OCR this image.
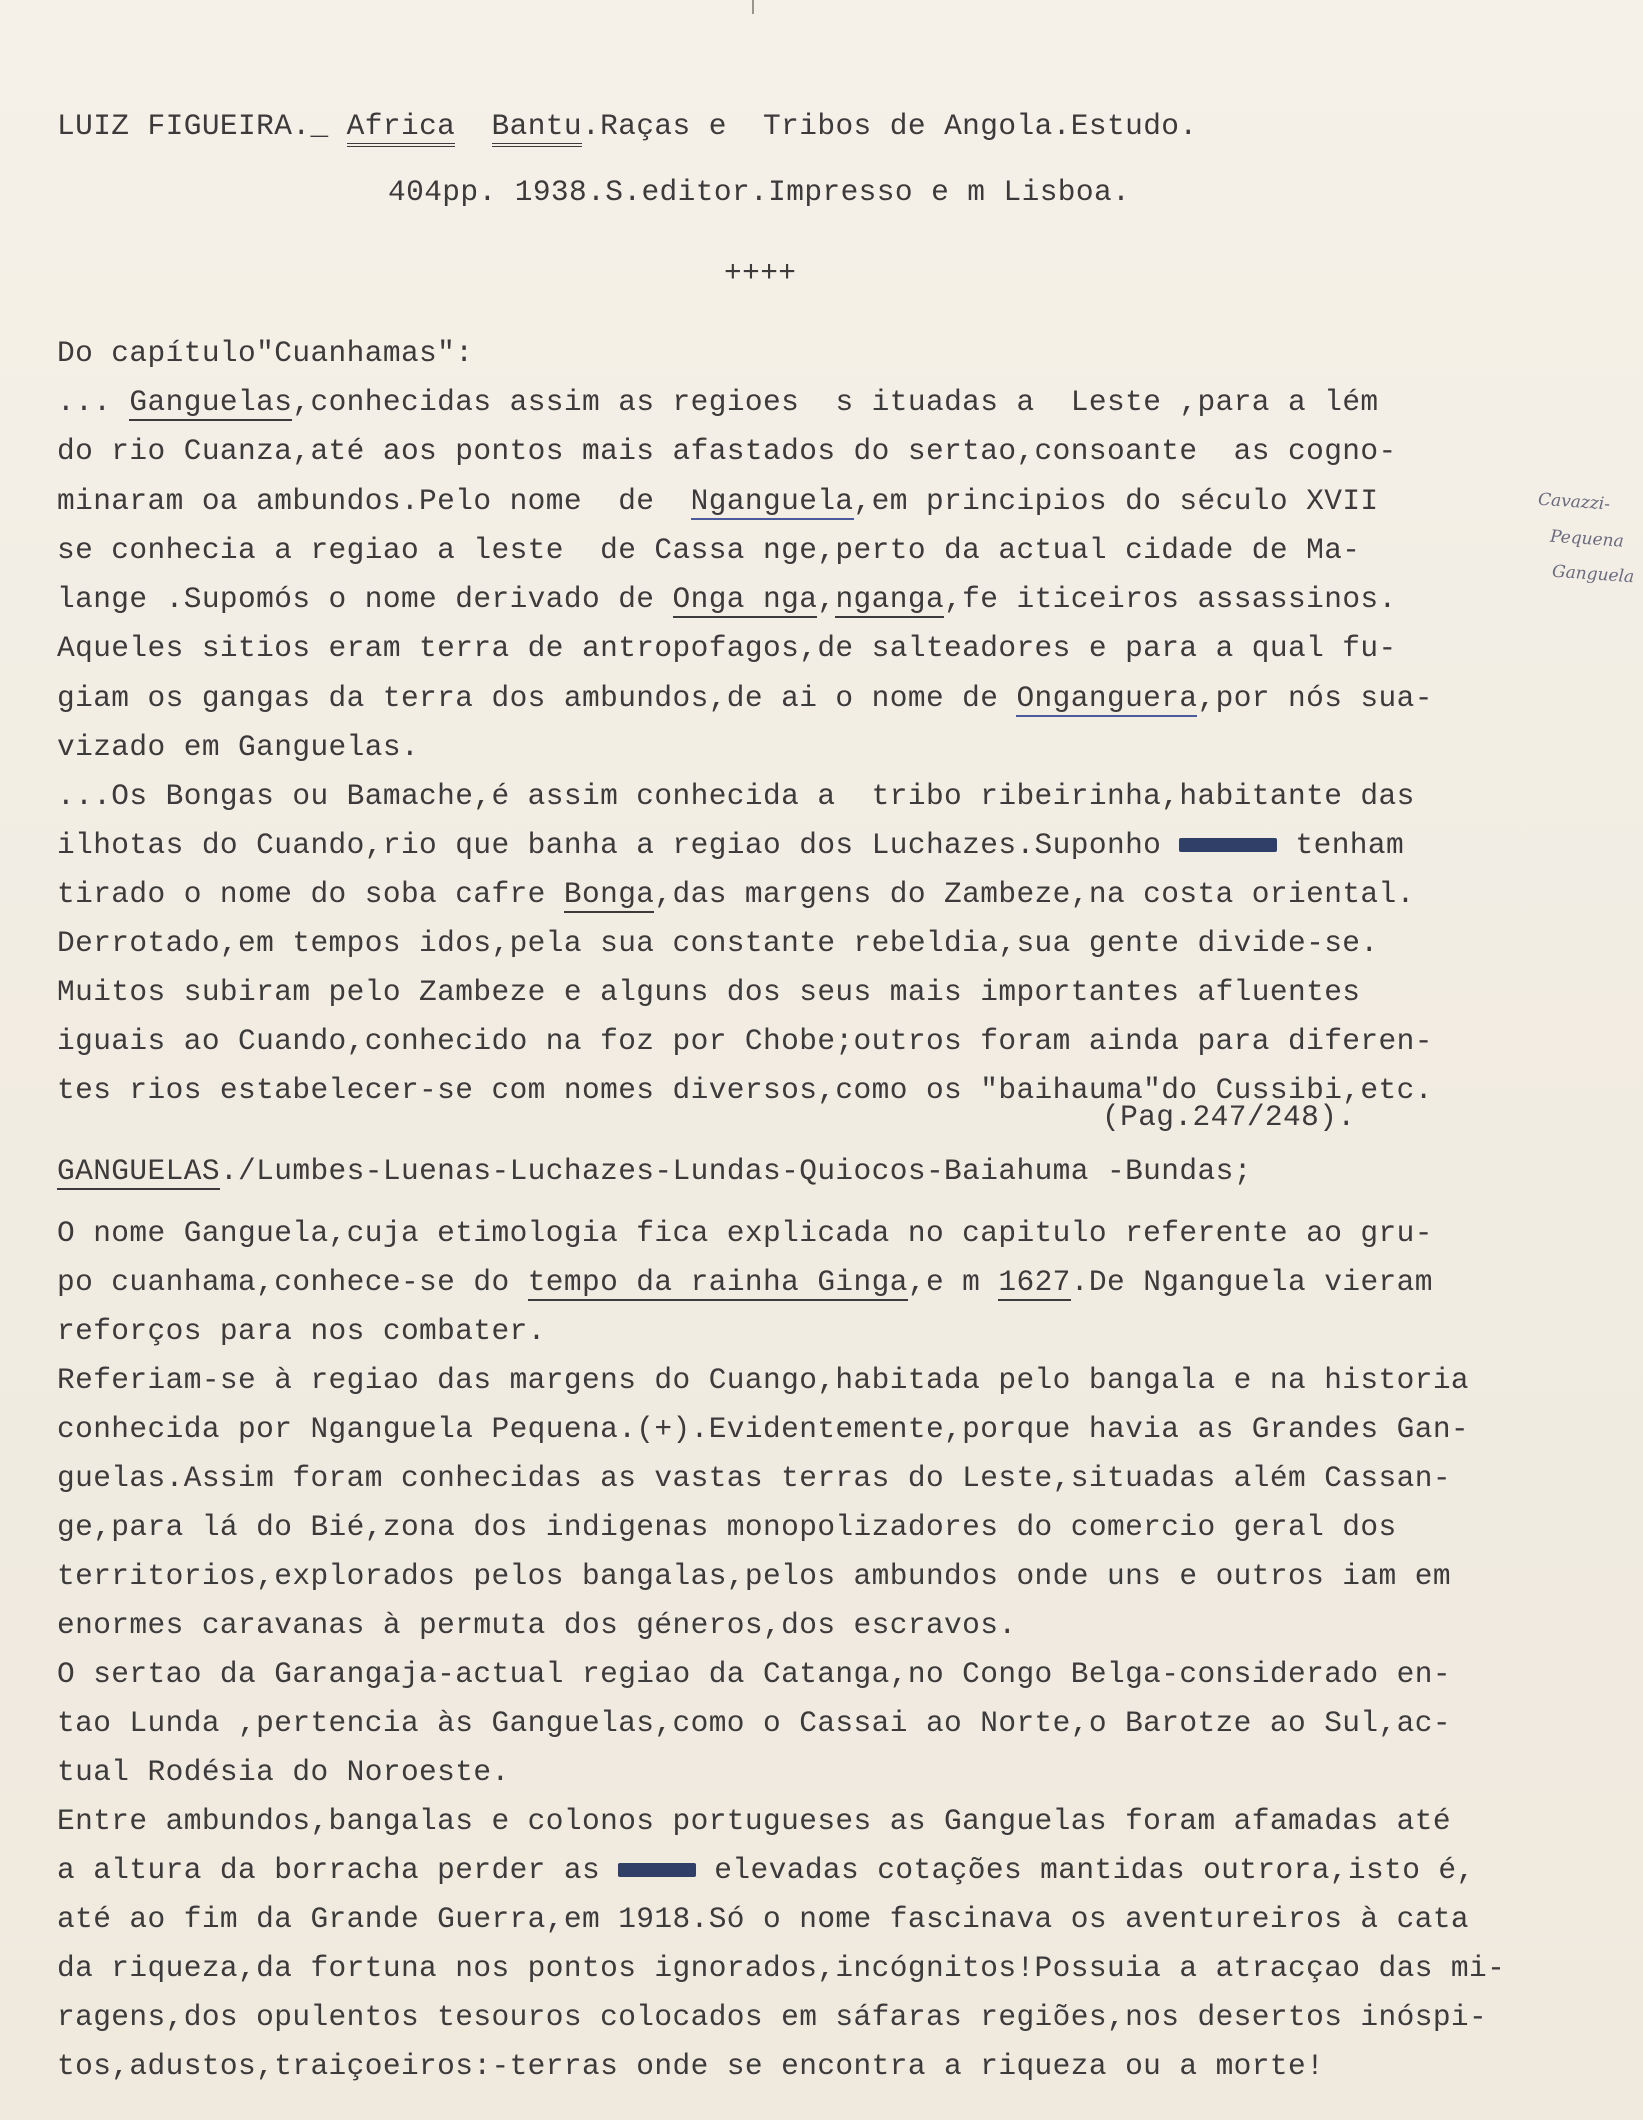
LUIZ FIGUEIRA._ Africa Bantu.Raças e  Tribos de Angola.Estudo.
404pp. 1938.S.editor.Impresso e m Lisboa.
++++
Cavazzi-
Pequena
Ganguela
Do capítulo"Cuanhamas":
... Ganguelas,conhecidas assim as regioes  s ituadas a  Leste ,para a lém
do rio Cuanza,até aos pontos mais afastados do sertao,consoante  as cogno-
minaram oa ambundos.Pelo nome  de  Nganguela,em principios do século XVII
se conhecia a regiao a leste  de Cassa nge,perto da actual cidade de Ma-
lange .Supomós o nome derivado de Onga nga,nganga,fe iticeiros assassinos.
Aqueles sitios eram terra de antropofagos,de salteadores e para a qual fu-
giam os gangas da terra dos ambundos,de ai o nome de Onganguera,por nós sua-
vizado em Ganguelas.
...Os Bongas ou Bamache,é assim conhecida a  tribo ribeirinha,habitante das
ilhotas do Cuando,rio que banha a regiao dos Luchazes.Suponho	tenham
tirado o nome do soba cafre Bonga,das margens do Zambeze,na costa oriental.
Derrotado,em tempos idos,pela sua constante rebeldia,sua gente divide-se.
Muitos subiram pelo Zambeze e alguns dos seus mais importantes afluentes
iguais ao Cuando,conhecido na foz por Chobe;outros foram ainda para diferen-
tes rios estabelecer-se com nomes diversos,como os "baihauma"do Cussibi,etc.
(Pag.247/248).
GANGUELAS./Lumbes-Luenas-Luchazes-Lundas-Quiocos-Baiahuma -Bundas;
O nome Ganguela,cuja etimologia fica explicada no capitulo referente ao gru-
po cuanhama,conhece-se do tempo da rainha Ginga,e m 1627.De Nganguela vieram
reforços para nos combater.
Referiam-se à regiao das margens do Cuango,habitada pelo bangala e na historia
conhecida por Nganguela Pequena.(+).Evidentemente,porque havia as Grandes Gan-
guelas.Assim foram conhecidas as vastas terras do Leste,situadas além Cassan-
ge,para lá do Bié,zona dos indigenas monopolizadores do comercio geral dos
territorios,explorados pelos bangalas,pelos ambundos onde uns e outros iam em
enormes caravanas à permuta dos géneros,dos escravos.
O sertao da Garangaja-actual regiao da Catanga,no Congo Belga-considerado en-
tao Lunda ,pertencia às Ganguelas,como o Cassai ao Norte,o Barotze ao Sul,ac-
tual Rodésia do Noroeste.
Entre ambundos,bangalas e colonos portugueses as Ganguelas foram afamadas até
a altura da borracha perder as	elevadas cotações mantidas outrora,isto é,
até ao fim da Grande Guerra,em 1918.Só o nome fascinava os aventureiros à cata
da riqueza,da fortuna nos pontos ignorados,incógnitos!Possuia a atracçao das mi-
ragens,dos opulentos tesouros colocados em sáfaras regiões,nos desertos inóspi-
tos,adustos,traiçoeiros:-terras onde se encontra a riqueza ou a morte!
